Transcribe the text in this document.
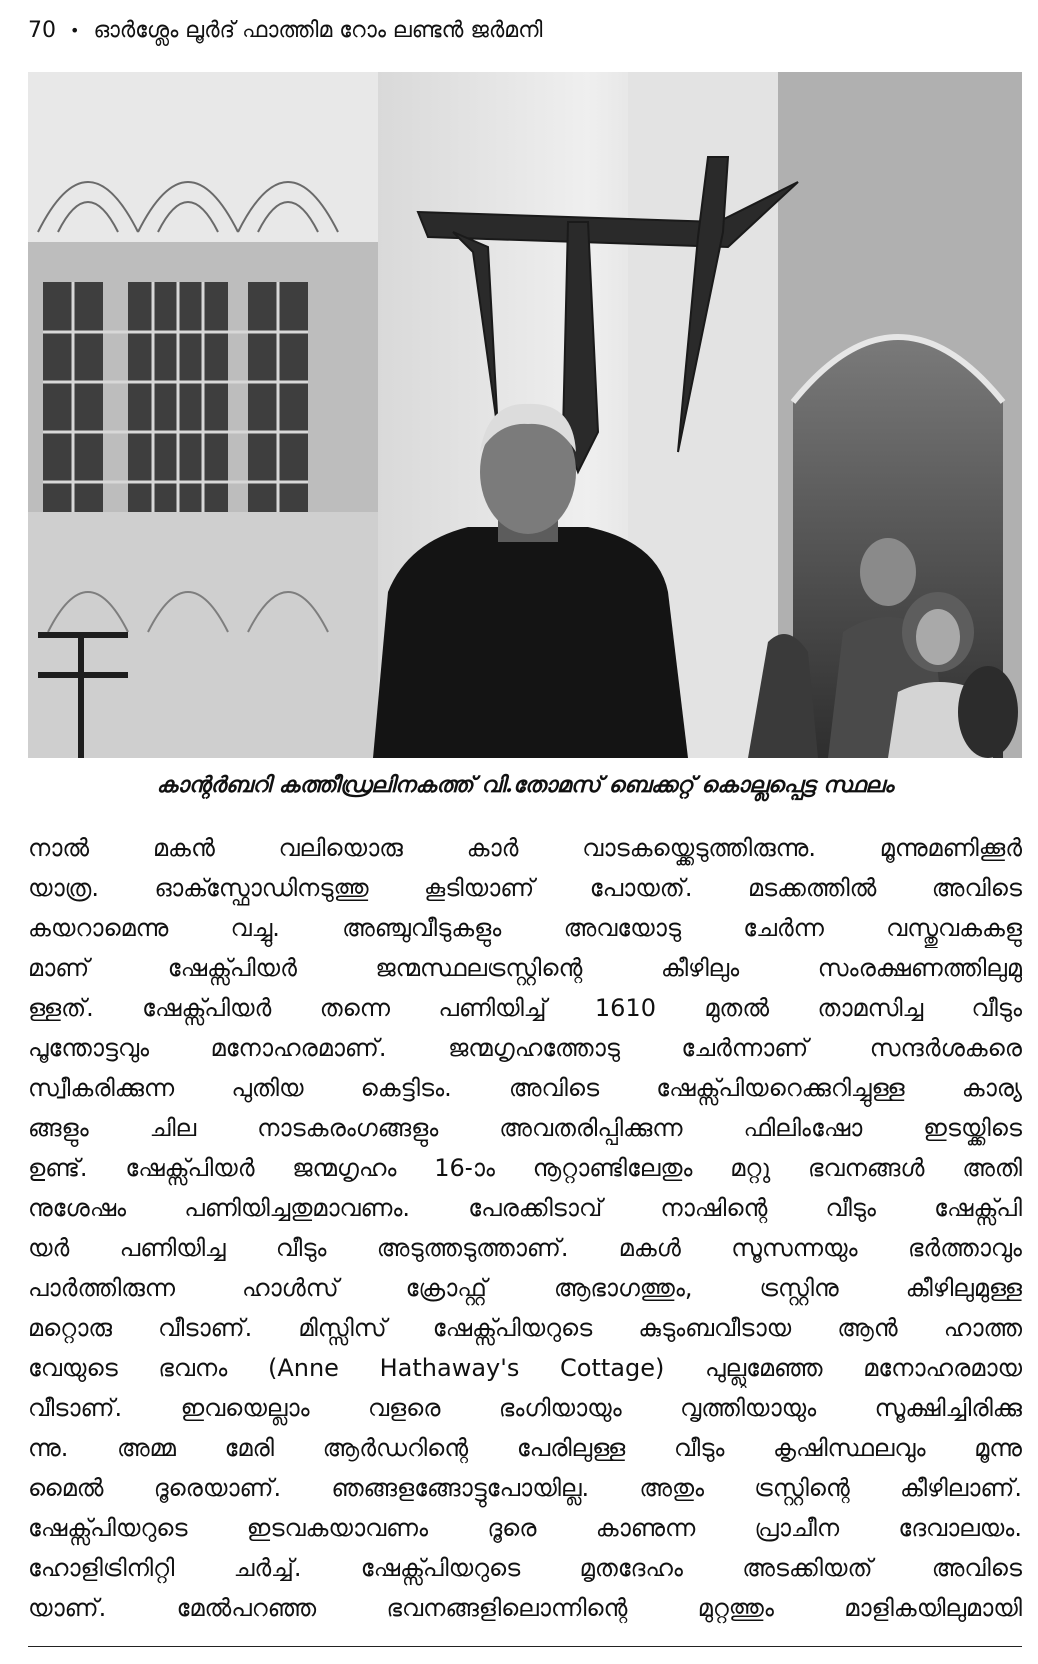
70 • ഓർശ്ലേം ലൂർദ് ഫാത്തിമ റോം ലണ്ടൻ ജർമനി
കാന്റർബറി കത്തീഡ്രലിനകത്ത് വി.തോമസ് ബെക്കറ്റ് കൊല്ലപ്പെട്ട സ്ഥലം
നാൽ മകൻ വലിയൊരു കാർ വാടകയ്ക്കെടുത്തിരുന്നു. മൂന്നുമണിക്കൂർ
യാത്ര. ഓക്സ്ഫോഡിനടുത്തു കൂടിയാണ് പോയത്. മടക്കത്തിൽ അവിടെ
കയറാമെന്നു വച്ചു. അഞ്ചുവീടുകളും അവയോടു ചേർന്ന വസ്തുവകകളു
മാണ് ഷേക്സ്പിയർ ജന്മസ്ഥലട്രസ്റ്റിന്റെ കീഴിലും സംരക്ഷണത്തിലുമു
ള്ളത്. ഷേക്സ്പിയർ തന്നെ പണിയിച്ച് 1610 മുതൽ താമസിച്ച വീടും
പൂന്തോട്ടവും മനോഹരമാണ്. ജന്മഗൃഹത്തോടു ചേർന്നാണ് സന്ദർശകരെ
സ്വീകരിക്കുന്ന പുതിയ കെട്ടിടം. അവിടെ ഷേക്സ്പിയറെക്കുറിച്ചുള്ള കാര്യ
ങ്ങളും ചില നാടകരംഗങ്ങളും അവതരിപ്പിക്കുന്ന ഫിലിംഷോ ഇടയ്ക്കിടെ
ഉണ്ട്. ഷേക്സ്പിയർ ജന്മഗൃഹം 16-ാം നൂറ്റാണ്ടിലേതും മറ്റു ഭവനങ്ങൾ അതി
നുശേഷം പണിയിച്ചതുമാവണം. പേരക്കിടാവ് നാഷിന്റെ വീടും ഷേക്സ്പി
യർ പണിയിച്ച വീടും അടുത്തടുത്താണ്. മകൾ സൂസന്നയും ഭർത്താവും
പാർത്തിരുന്ന ഹാൾസ് ക്രോഫ്റ്റ് ആഭാഗത്തും, ട്രസ്റ്റിനു കീഴിലുമുള്ള
മറ്റൊരു വീടാണ്. മിസ്സിസ് ഷേക്സ്പിയറുടെ കുടുംബവീടായ ആൻ ഹാത്ത
വേയുടെ ഭവനം (Anne Hathaway's Cottage) പുല്ലുമേഞ്ഞ മനോഹരമായ
വീടാണ്. ഇവയെല്ലാം വളരെ ഭംഗിയായും വൃത്തിയായും സൂക്ഷിച്ചിരിക്കു
ന്നു. അമ്മ മേരി ആർഡറിന്റെ പേരിലുള്ള വീടും കൃഷിസ്ഥലവും മൂന്നു
മൈൽ ദൂരെയാണ്. ഞങ്ങളങ്ങോട്ടുപോയില്ല. അതും ട്രസ്റ്റിന്റെ കീഴിലാണ്.
ഷേക്സ്പിയറുടെ ഇടവകയാവണം ദൂരെ കാണുന്ന പ്രാചീന ദേവാലയം.
ഹോളിട്രിനിറ്റി ചർച്ച്. ഷേക്സ്പിയറുടെ മൃതദേഹം അടക്കിയത് അവിടെ
യാണ്. മേൽപറഞ്ഞ ഭവനങ്ങളിലൊന്നിന്റെ മുറ്റത്തും മാളികയിലുമായി
